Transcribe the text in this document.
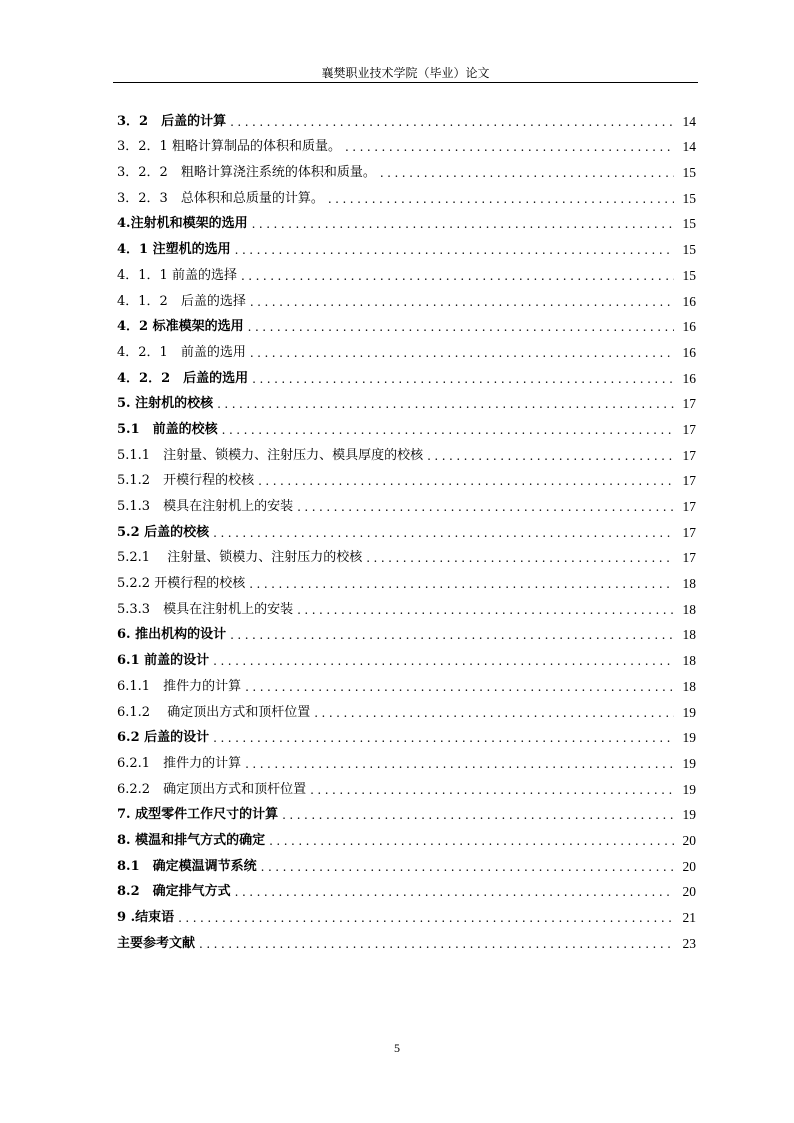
襄樊职业技术学院（毕业）论文
3．2　后盖的计算 .....	14
3．2．1 粗略计算制品的体积和质量。 .....	14
3．2．2　粗略计算浇注系统的体积和质量。 .....	15
3．2．3　总体积和总质量的计算。 .....	15
4.注射机和模架的选用 .....	15
4．1 注塑机的选用 .....	15
4．1．1 前盖的选择 .....	15
4．1．2　后盖的选择 .....	16
4．2 标准模架的选用 .....	16
4．2．1　前盖的选用 .....	16
4．2．2　后盖的选用 .....	16
5. 注射机的校核 .....	17
5.1　前盖的校核 .....	17
5.1.1　注射量、锁模力、注射压力、模具厚度的校核 .....	17
5.1.2　开模行程的校核 .....	17
5.1.3　模具在注射机上的安装 .....	17
5.2 后盖的校核 .....	17
5.2.1　 注射量、锁模力、注射压力的校核 .....	17
5.2.2 开模行程的校核 .....	18
5.3.3　模具在注射机上的安装 .....	18
6. 推出机构的设计 .....	18
6.1 前盖的设计 .....	18
6.1.1　推件力的计算 .....	18
6.1.2　 确定顶出方式和顶杆位置 .....	19
6.2 后盖的设计 .....	19
6.2.1　推件力的计算 .....	19
6.2.2　确定顶出方式和顶杆位置 .....	19
7. 成型零件工作尺寸的计算 .....	19
8. 模温和排气方式的确定 .....	20
8.1　确定模温调节系统 .....	20
8.2　确定排气方式 .....	20
9 .结束语 .....	21
主要参考文献 .....	23
5
